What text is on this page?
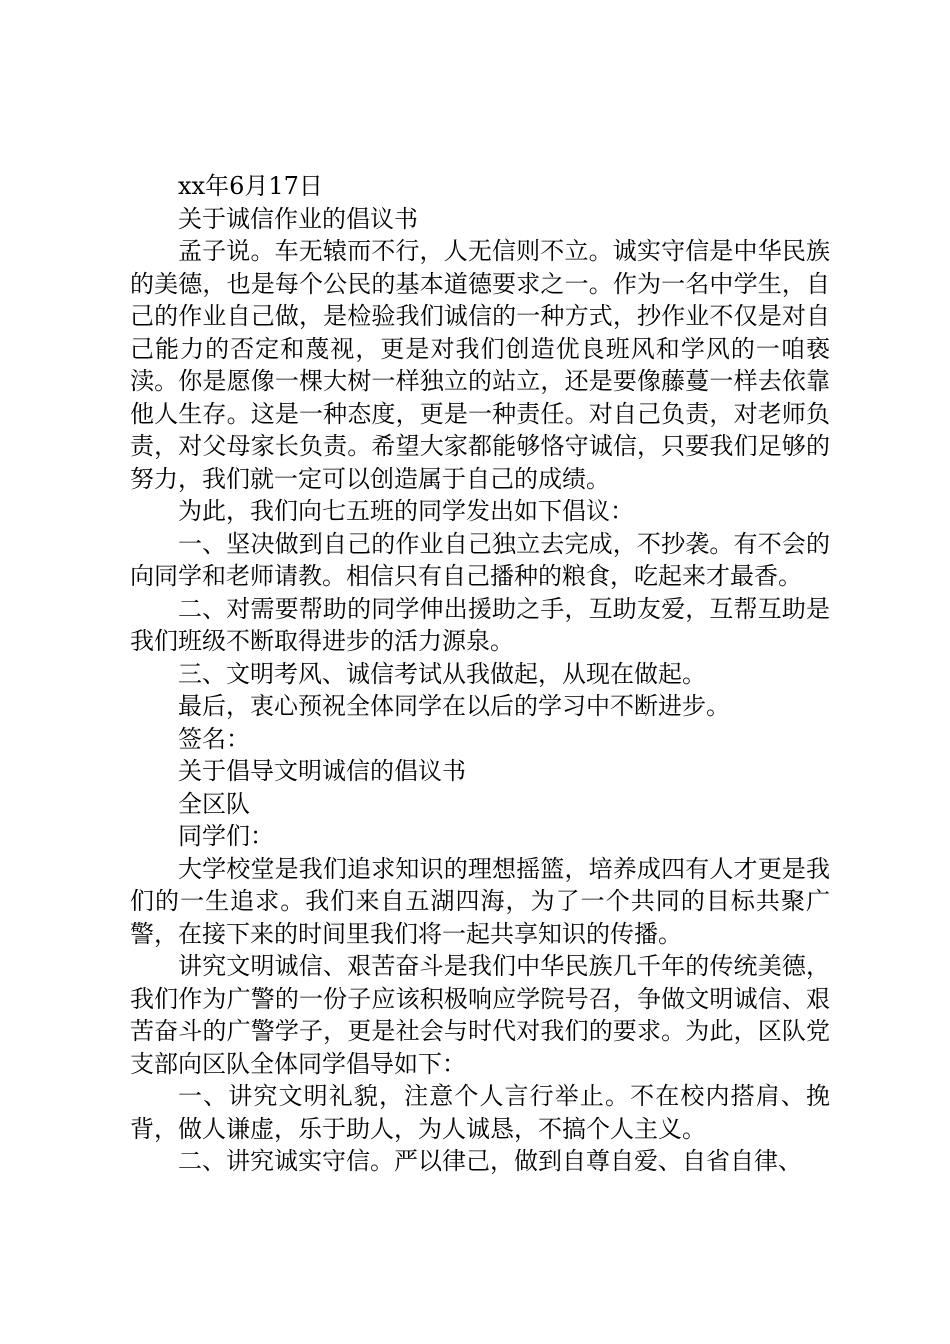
xx年6月17日

关于诚信作业的倡议书

孟子说。车无辕而不行，人无信则不立。诚实守信是中华民族的美德，也是每个公民的基本道德要求之一。作为一名中学生，自己的作业自己做，是检验我们诚信的一种方式，抄作业不仅是对自己能力的否定和蔑视，更是对我们创造优良班风和学风的一咱亵渎。你是愿像一棵大树一样独立的站立，还是要像藤蔓一样去依靠他人生存。这是一种态度，更是一种责任。对自己负责，对老师负责，对父母家长负责。希望大家都能够恪守诚信，只要我们足够的努力，我们就一定可以创造属于自己的成绩。

为此，我们向七五班的同学发出如下倡议：

一、坚决做到自己的作业自己独立去完成，不抄袭。有不会的向同学和老师请教。相信只有自己播种的粮食，吃起来才最香。

二、对需要帮助的同学伸出援助之手，互助友爱，互帮互助是我们班级不断取得进步的活力源泉。

三、文明考风、诚信考试从我做起，从现在做起。

最后，衷心预祝全体同学在以后的学习中不断进步。

签名：

关于倡导文明诚信的倡议书

全区队

同学们：

大学校堂是我们追求知识的理想摇篮，培养成四有人才更是我们的一生追求。我们来自五湖四海，为了一个共同的目标共聚广警，在接下来的时间里我们将一起共享知识的传播。

讲究文明诚信、艰苦奋斗是我们中华民族几千年的传统美德，我们作为广警的一份子应该积极响应学院号召，争做文明诚信、艰苦奋斗的广警学子，更是社会与时代对我们的要求。为此，区队党支部向区队全体同学倡导如下：

一、讲究文明礼貌，注意个人言行举止。不在校内搭肩、挽背，做人谦虚，乐于助人，为人诚恳，不搞个人主义。

二、讲究诚实守信。严以律己，做到自尊自爱、自省自律、
